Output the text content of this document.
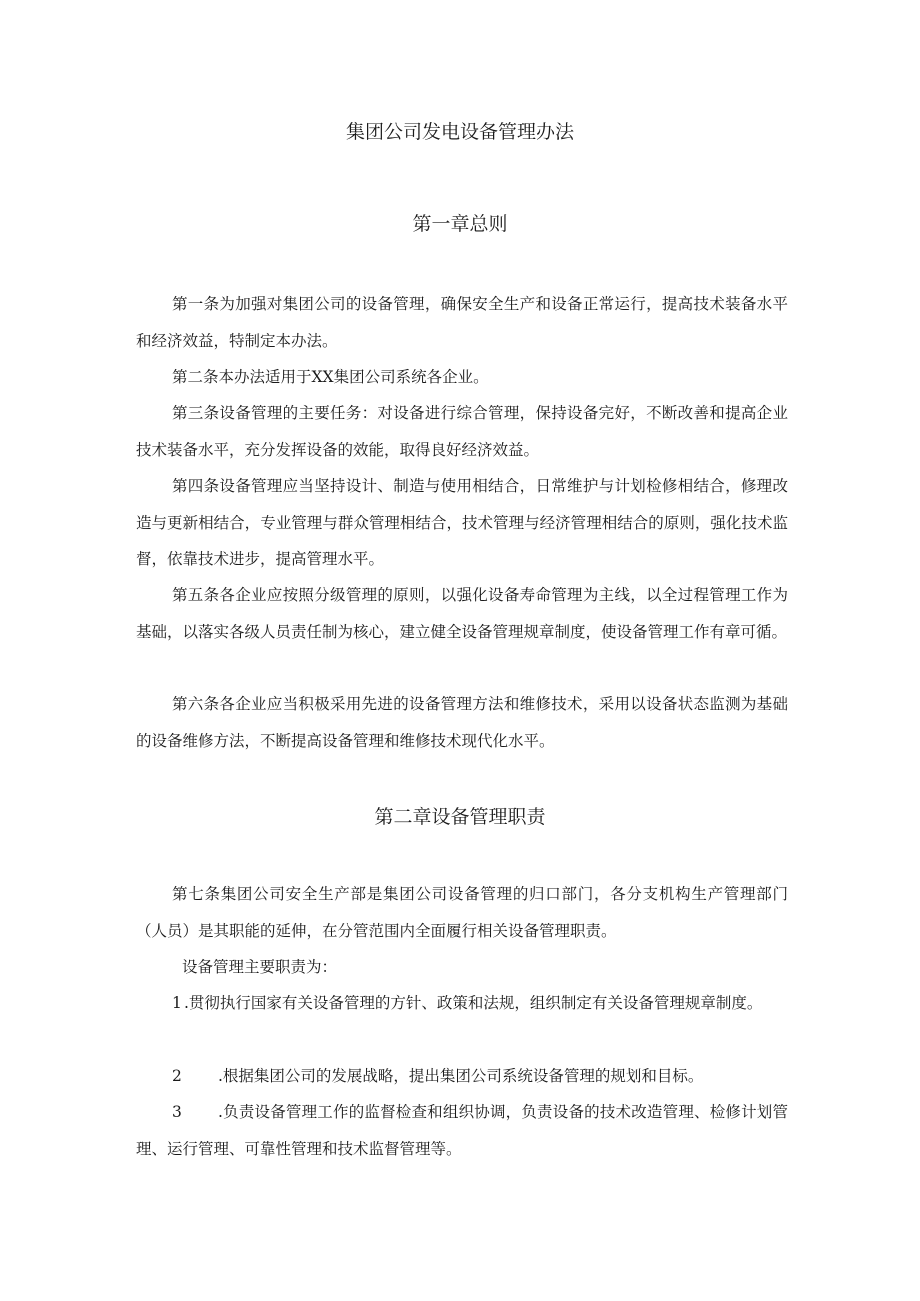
集团公司发电设备管理办法
第一章总则

第一条为加强对集团公司的设备管理，确保安全生产和设备正常运行，提高技术装备水平和经济效益，特制定本办法。

第二条本办法适用于XX集团公司系统各企业。

第三条设备管理的主要任务：对设备进行综合管理，保持设备完好，不断改善和提高企业技术装备水平，充分发挥设备的效能，取得良好经济效益。

第四条设备管理应当坚持设计、制造与使用相结合，日常维护与计划检修相结合，修理改造与更新相结合，专业管理与群众管理相结合，技术管理与经济管理相结合的原则，强化技术监督，依靠技术进步，提高管理水平。

第五条各企业应按照分级管理的原则，以强化设备寿命管理为主线，以全过程管理工作为基础，以落实各级人员责任制为核心，建立健全设备管理规章制度，使设备管理工作有章可循。

第六条各企业应当积极采用先进的设备管理方法和维修技术，采用以设备状态监测为基础的设备维修方法，不断提高设备管理和维修技术现代化水平。

第二章设备管理职责

第七条集团公司安全生产部是集团公司设备管理的归口部门，各分支机构生产管理部门（人员）是其职能的延伸，在分管范围内全面履行相关设备管理职责。

设备管理主要职责为：

1 .贯彻执行国家有关设备管理的方针、政策和法规，组织制定有关设备管理规章制度。

2 .根据集团公司的发展战略，提出集团公司系统设备管理的规划和目标。

3 .负责设备管理工作的监督检查和组织协调，负责设备的技术改造管理、检修计划管理、运行管理、可靠性管理和技术监督管理等。
